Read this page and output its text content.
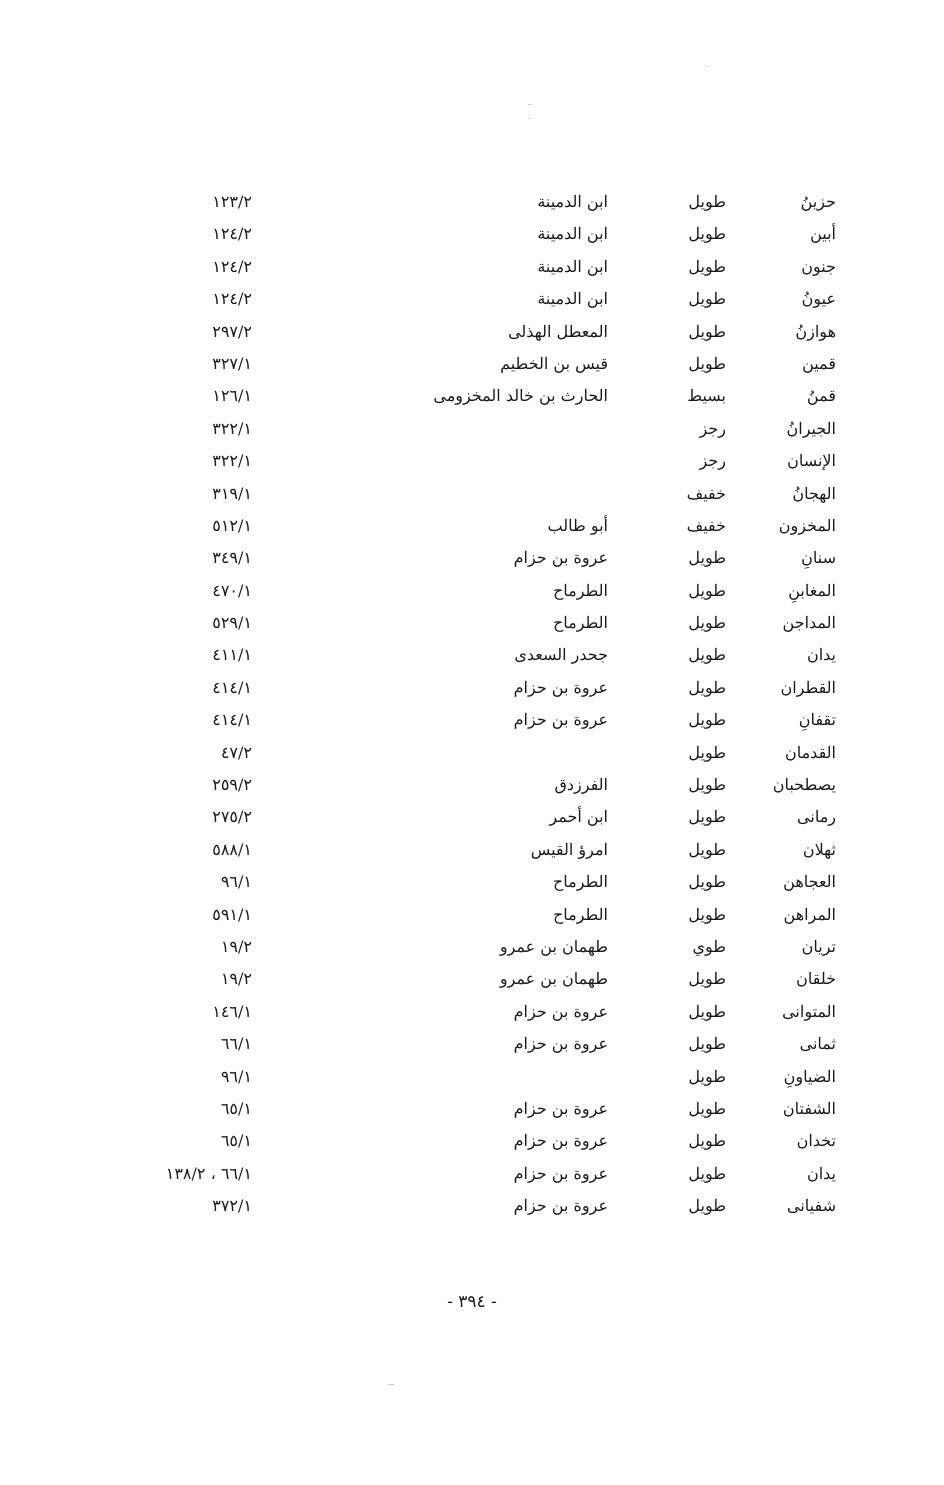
حزينُ
طويل
ابن الدمينة
١٢٣/٢
أبين
طويل
ابن الدمينة
١٢٤/٢
جنون
طويل
ابن الدمينة
١٢٤/٢
عيونُ
طويل
ابن الدمينة
١٢٤/٢
هوازنُ
طويل
المعطل الهذلى
٢٩٧/٢
قمين
طويل
قيس بن الخطيم
٣٢٧/١
قمنُ
بسيط
الحارث بن خالد المخزومى
١٢٦/١
الجيرانُ
رجز
٣٢٢/١
الإنسان
رجز
٣٢٢/١
الهجانُ
خفيف
٣١٩/١
المخزون
خفيف
أبو طالب
٥١٢/١
سنانِ
طويل
عروة بن حزام
٣٤٩/١
المغابنِ
طويل
الطرماح
٤٧٠/١
المداجن
طويل
الطرماح
٥٢٩/١
يدان
طويل
جحدر السعدى
٤١١/١
القطران
طويل
عروة بن حزام
٤١٤/١
تقفانِ
طويل
عروة بن حزام
٤١٤/١
القدمان
طويل
٤٧/٢
يصطحبان
طويل
الفرزدق
٢٥٩/٢
رمانى
طويل
ابن أحمر
٢٧٥/٢
ثهلان
طويل
امرؤ القيس
٥٨٨/١
العجاهن
طويل
الطرماح
٩٦/١
المراهن
طويل
الطرماح
٥٩١/١
تريان
طوي
طهمان بن عمرو
١٩/٢
خلقان
طويل
طهمان بن عمرو
١٩/٢
المتوانى
طويل
عروة بن حزام
١٤٦/١
ثمانى
طويل
عروة بن حزام
٦٦/١
الضياونِ
طويل
٩٦/١
الشفتان
طويل
عروة بن حزام
٦٥/١
تخدان
طويل
عروة بن حزام
٦٥/١
يدان
طويل
عروة بن حزام
٦٦/١ ، ١٣٨/٢
شفيانى
طويل
عروة بن حزام
٣٧٢/١
- ٣٩٤ -
